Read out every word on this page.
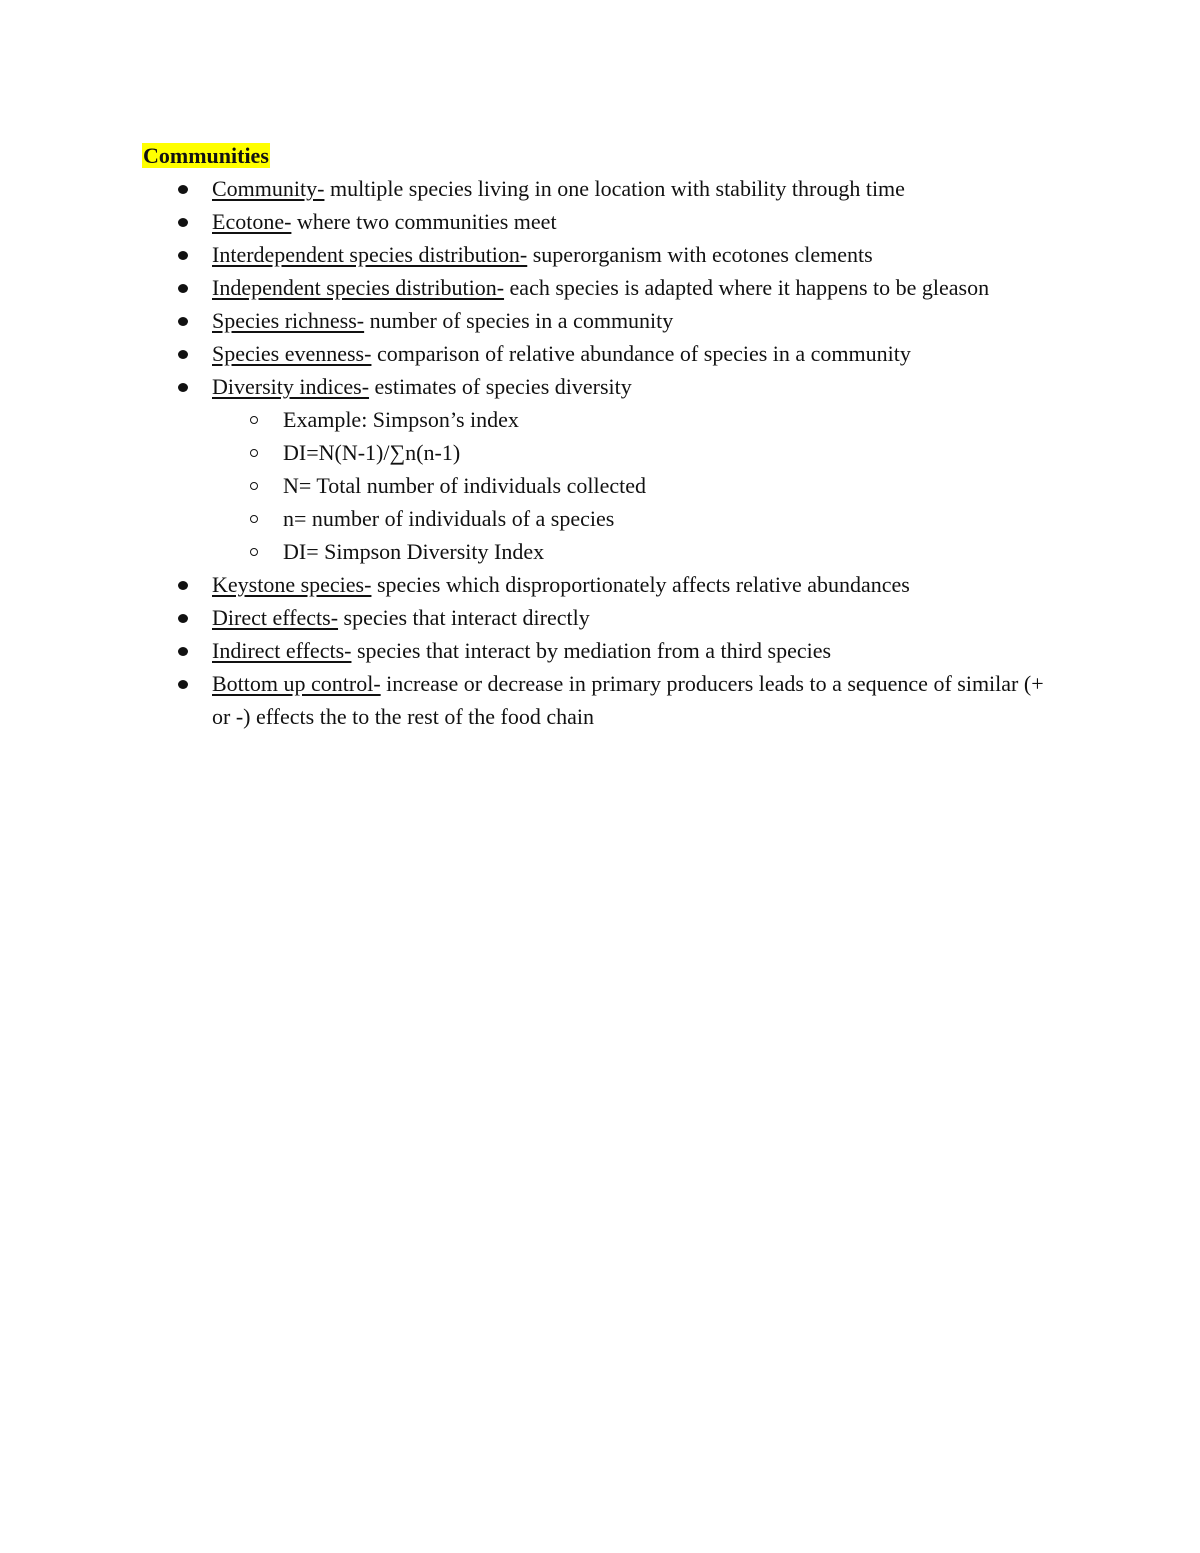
Communities
Community- multiple species living in one location with stability through time
Ecotone- where two communities meet
Interdependent species distribution- superorganism with ecotones clements
Independent species distribution- each species is adapted where it happens to be gleason
Species richness- number of species in a community
Species evenness- comparison of relative abundance of species in a community
Diversity indices- estimates of species diversity
Example: Simpson’s index
DI=N(N-1)/∑n(n-1)
N= Total number of individuals collected
n= number of individuals of a species
DI= Simpson Diversity Index
Keystone species- species which disproportionately affects relative abundances
Direct effects- species that interact directly
Indirect effects- species that interact by mediation from a third species
Bottom up control- increase or decrease in primary producers leads to a sequence of similar (+ or -) effects the to the rest of the food chain
